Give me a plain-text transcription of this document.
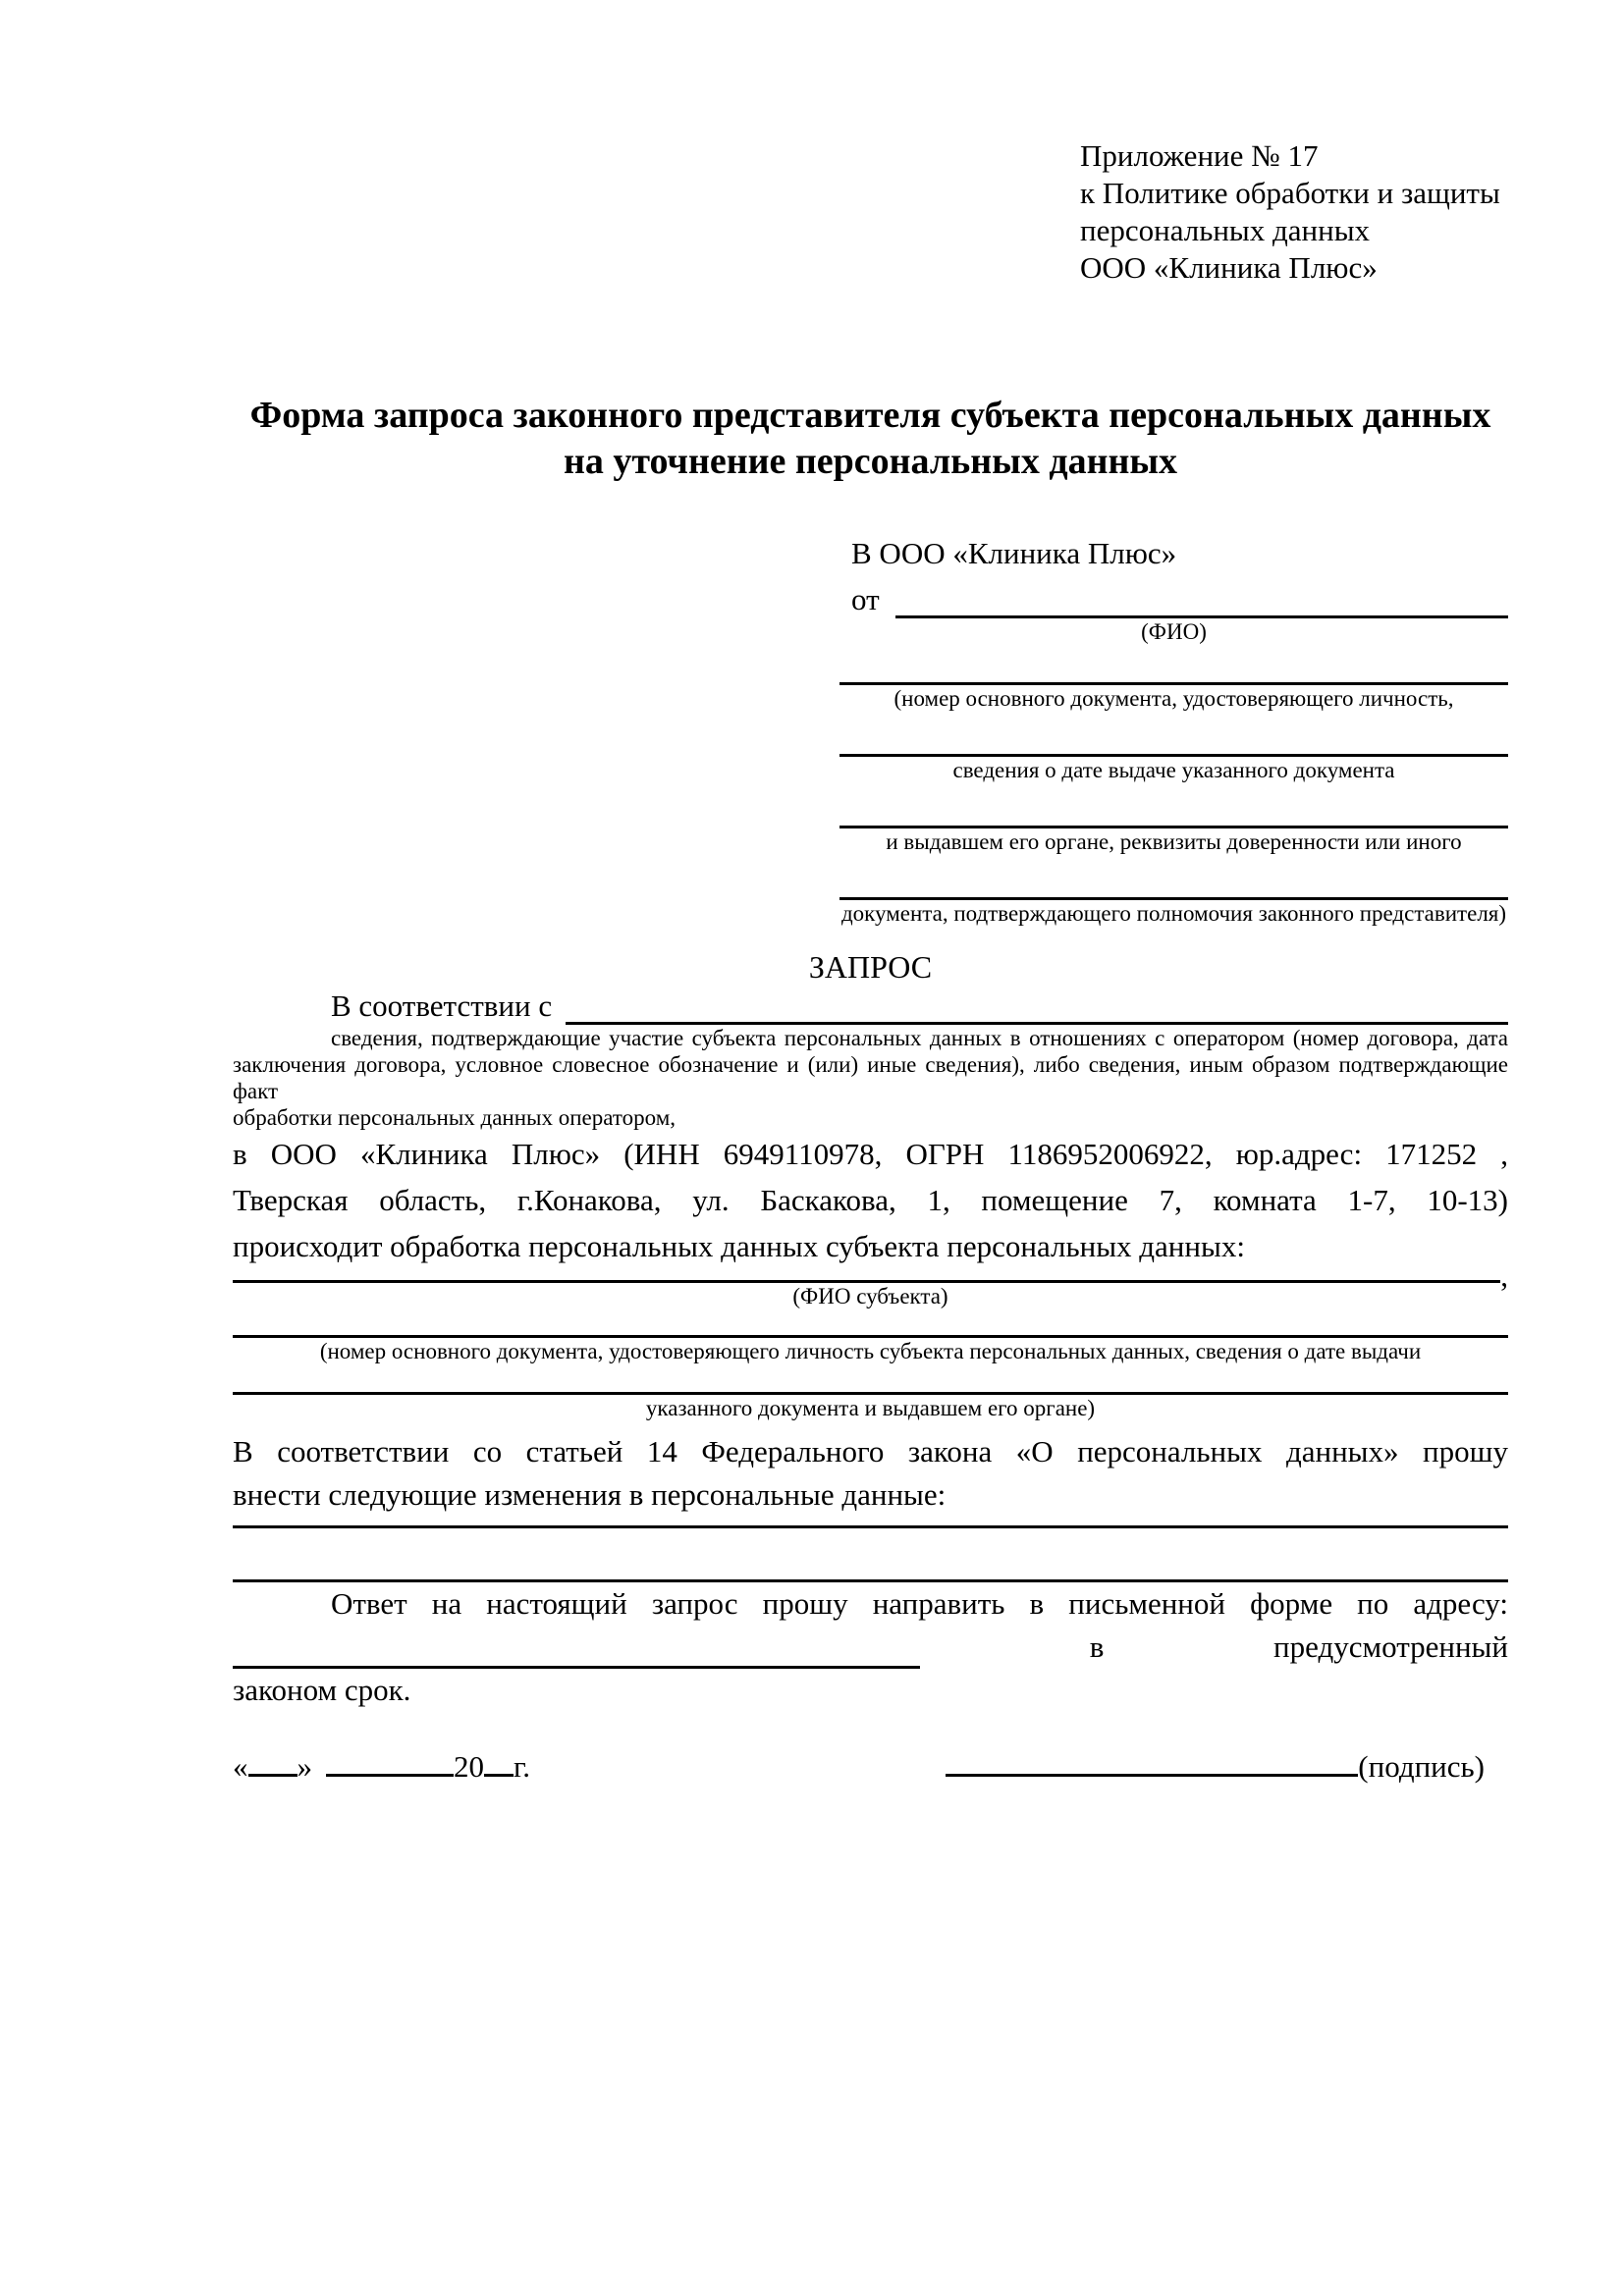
Приложение № 17
к Политике обработки и защиты
персональных данных
ООО «Клиника Плюс»
Форма запроса законного представителя субъекта персональных данных
на уточнение персональных данных
В ООО «Клиника Плюс»
от
(ФИО)
(номер основного документа, удостоверяющего личность,
сведения о дате выдаче указанного документа
и выдавшем его органе, реквизиты доверенности или иного
документа, подтверждающего полномочия законного представителя)
ЗАПРОС
В соответствии с
сведения, подтверждающие участие субъекта персональных данных в отношениях с оператором (номер договора, дата
заключения договора, условное словесное обозначение и (или) иные сведения), либо сведения, иным образом подтверждающие факт
обработки персональных данных оператором,
в ООО «Клиника Плюс» (ИНН 6949110978, ОГРН 1186952006922, юр.адрес: 171252 ,
Тверская область, г.Конакова, ул. Баскакова, 1, помещение 7, комната 1-7, 10-13)
происходит обработка персональных данных субъекта персональных данных:
,
(ФИО субъекта)
(номер основного документа, удостоверяющего личность субъекта персональных данных, сведения о дате выдачи
указанного документа и выдавшем его органе)
В соответствии со статьей 14 Федерального закона «О персональных данных» прошу
внести следующие изменения в персональные данные:
Ответ на настоящий запрос прошу направить в письменной форме по адресу:
в	предусмотренный
законом срок.
« »	20 г.	(подпись)
